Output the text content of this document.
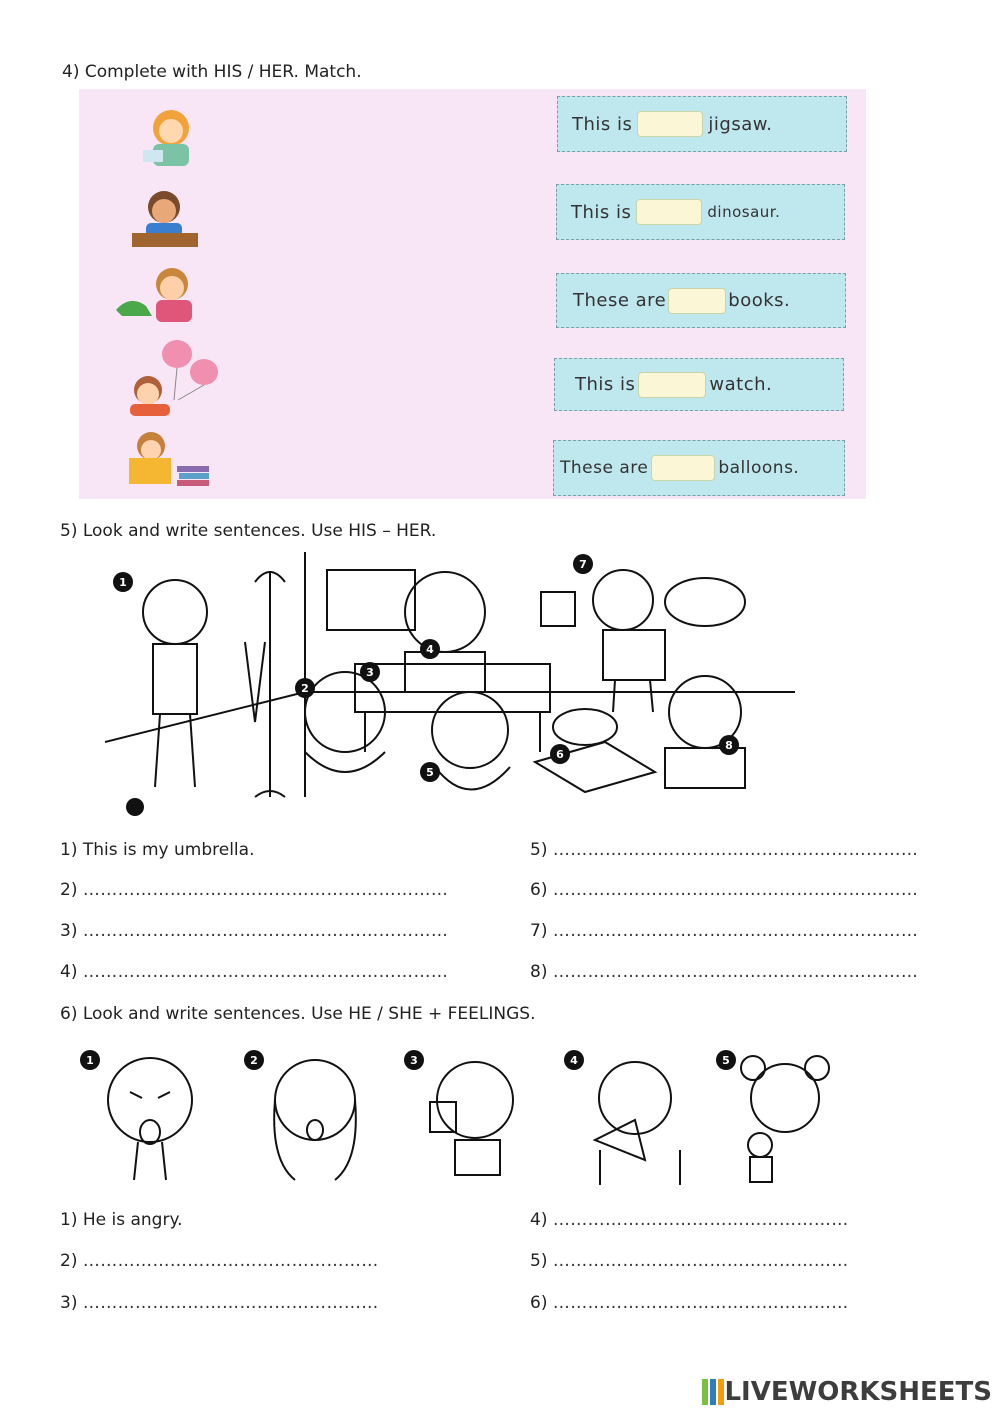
4) Complete with HIS / HER. Match.
This is	jigsaw.
This is	dinosaur.
These are	books.
This is	watch.
These are	balloons.
5) Look and write sentences. Use HIS – HER.
1
2
3
4
5
6
7
8
1) This is my umbrella.
2) ………………………………………………………
3) ………………………………………………………
4) ………………………………………………………
5) ………………………………………………………
6) ………………………………………………………
7) ………………………………………………………
8) ………………………………………………………
6) Look and write sentences. Use HE / SHE + FEELINGS.
1	2	3	4	5
1) He is angry.
2) ……………………………………………
3) ……………………………………………
4) ……………………………………………
5) ……………………………………………
6) ……………………………………………
LIVEWORKSHEETS
